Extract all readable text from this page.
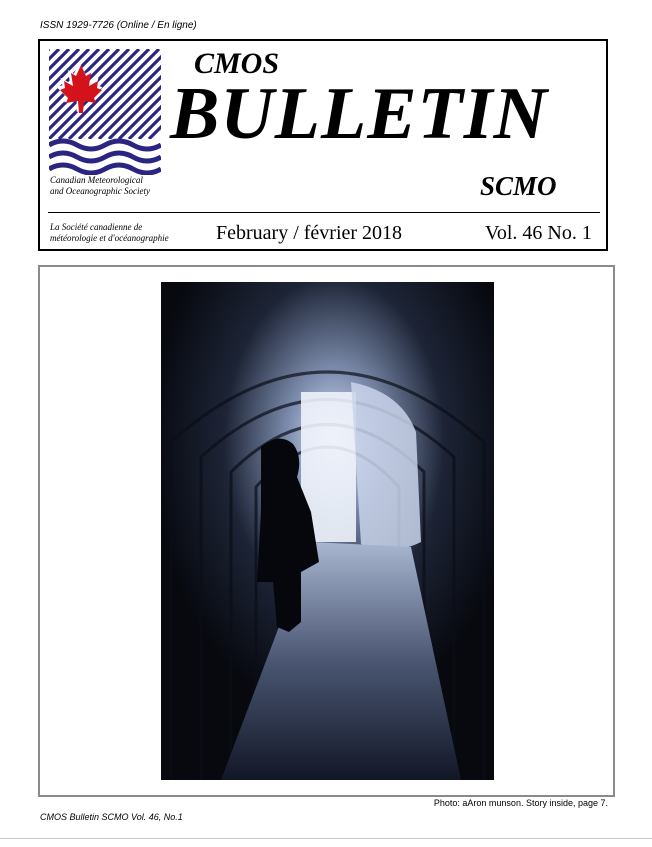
ISSN 1929-7726 (Online / En ligne)
CMOS
BULLETIN
SCMO
Canadian Meteorological
and Oceanographic Society
La Société canadienne de
météorologie et d'océanographie February / février 2018	Vol. 46 No. 1
Photo: aAron munson. Story inside, page 7.
CMOS Bulletin SCMO Vol. 46, No.1
